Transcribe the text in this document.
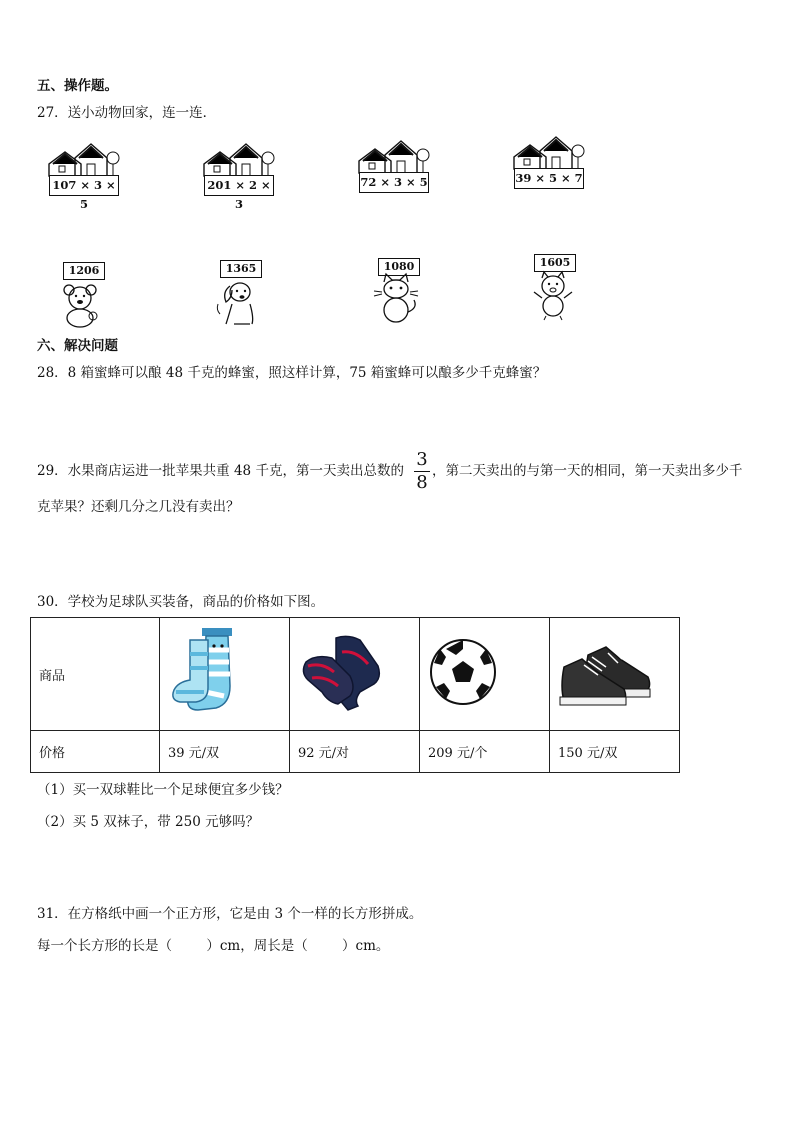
五、操作题。
27．送小动物回家，连一连．
107 × 3 × 5
201 × 2 × 3
72 × 3 × 5	39 × 5 × 7
1206	1365	1080	1605
六、解决问题
28．8 箱蜜蜂可以酿 48 千克的蜂蜜，照这样计算，75 箱蜜蜂可以酿多少千克蜂蜜？
29．水果商店运进一批苹果共重 48 千克，第一天卖出总数的
3
8
，第二天卖出的与第一天的相同，第一天卖出多少千
克苹果？还剩几分之几没有卖出？
30．学校为足球队买装备，商品的价格如下图。
商品				
价格	39 元/双	92 元/对	209 元/个	150 元/双
（1）买一双球鞋比一个足球便宜多少钱？
（2）买 5 双袜子，带 250 元够吗？
31．在方格纸中画一个正方形，它是由 3 个一样的长方形拼成。
每一个长方形的长是（        ）cm，周长是（        ）cm。
